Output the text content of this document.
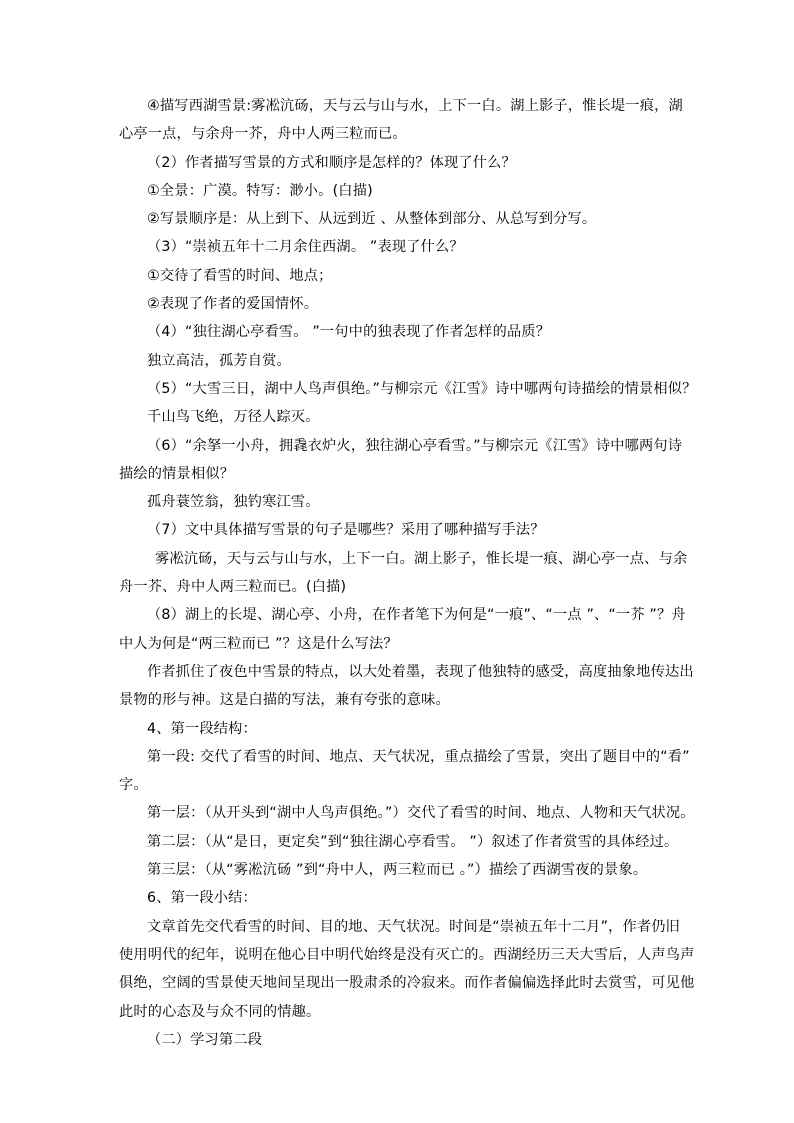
④描写西湖雪景:雾凇沆砀，天与云与山与水，上下一白。湖上影子，惟长堤一痕，湖
心亭一点，与余舟一芥，舟中人两三粒而已。
（2）作者描写雪景的方式和顺序是怎样的？体现了什么？
①全景：广漠。特写：渺小。(白描)
②写景顺序是：从上到下、从远到近 、从整体到部分、从总写到分写。
（3）“崇祯五年十二月余住西湖。 ”表现了什么？
①交待了看雪的时间、地点；
②表现了作者的爱国情怀。
（4）“独往湖心亭看雪。 ”一句中的独表现了作者怎样的品质？
独立高洁，孤芳自赏。
（5）“大雪三日，湖中人鸟声俱绝。”与柳宗元《江雪》诗中哪两句诗描绘的情景相似？
千山鸟飞绝，万径人踪灭。
（6）“余拏一小舟，拥毳衣炉火，独往湖心亭看雪。”与柳宗元《江雪》诗中哪两句诗
描绘的情景相似？
孤舟蓑笠翁，独钓寒江雪。
（7）文中具体描写雪景的句子是哪些？采用了哪种描写手法？
雾凇沆砀，天与云与山与水，上下一白。湖上影子，惟长堤一痕、湖心亭一点、与余
舟一芥、舟中人两三粒而已。(白描)
（8）湖上的长堤、湖心亭、小舟，在作者笔下为何是“一痕”、“一点 ”、“一芥 ”？舟
中人为何是“两三粒而已 ”？这是什么写法？
作者抓住了夜色中雪景的特点，以大处着墨，表现了他独特的感受，高度抽象地传达出
景物的形与神。这是白描的写法，兼有夸张的意味。
4、第一段结构：
第一段: 交代了看雪的时间、地点、天气状况，重点描绘了雪景，突出了题目中的“看”
字。
第一层：（从开头到“湖中人鸟声俱绝。”）交代了看雪的时间、地点、人物和天气状况。
第二层：（从“是日，更定矣”到“独往湖心亭看雪。 ”）叙述了作者赏雪的具体经过。
第三层：（从“雾凇沆砀 ”到“舟中人，两三粒而已 。”）描绘了西湖雪夜的景象。
6、第一段小结：
文章首先交代看雪的时间、目的地、天气状况。时间是“崇祯五年十二月”，作者仍旧
使用明代的纪年，说明在他心目中明代始终是没有灭亡的。西湖经历三天大雪后，人声鸟声
俱绝，空阔的雪景使天地间呈现出一股肃杀的冷寂来。而作者偏偏选择此时去赏雪，可见他
此时的心态及与众不同的情趣。
（二）学习第二段
